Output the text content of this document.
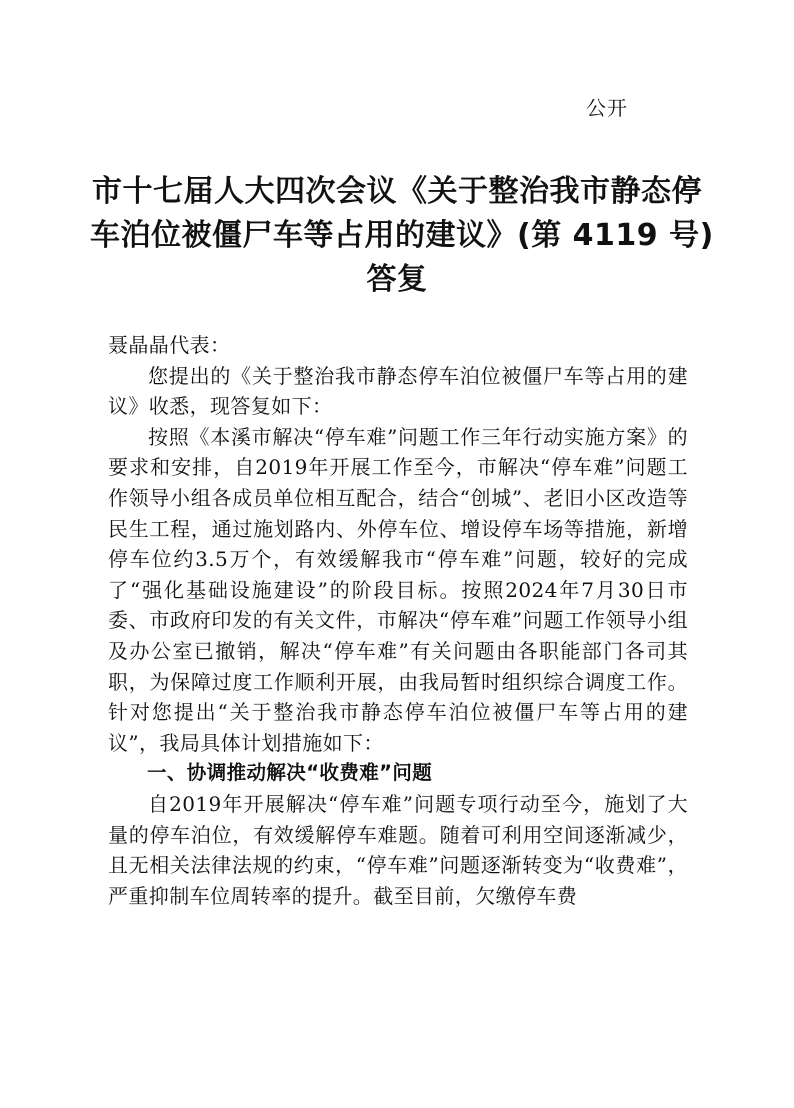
公开
市十七届人大四次会议《关于整治我市静态停
车泊位被僵尸车等占用的建议》(第 4119 号)
答复

聂晶晶代表：

您提出的《关于整治我市静态停车泊位被僵尸车等占用的建议》收悉，现答复如下：

按照《本溪市解决“停车难”问题工作三年行动实施方案》的要求和安排，自2019年开展工作至今，市解决“停车难”问题工作领导小组各成员单位相互配合，结合“创城”、老旧小区改造等民生工程，通过施划路内、外停车位、增设停车场等措施，新增停车位约3.5万个，有效缓解我市“停车难”问题，较好的完成了“强化基础设施建设”的阶段目标。按照2024年7月30日市委、市政府印发的有关文件，市解决“停车难”问题工作领导小组及办公室已撤销，解决“停车难”有关问题由各职能部门各司其职，为保障过度工作顺利开展，由我局暂时组织综合调度工作。针对您提出“关于整治我市静态停车泊位被僵尸车等占用的建议”，我局具体计划措施如下：

一、协调推动解决“收费难”问题

自2019年开展解决“停车难”问题专项行动至今，施划了大量的停车泊位，有效缓解停车难题。随着可利用空间逐渐减少，且无相关法律法规的约束，“停车难”问题逐渐转变为“收费难”，严重抑制车位周转率的提升。截至目前，欠缴停车费
